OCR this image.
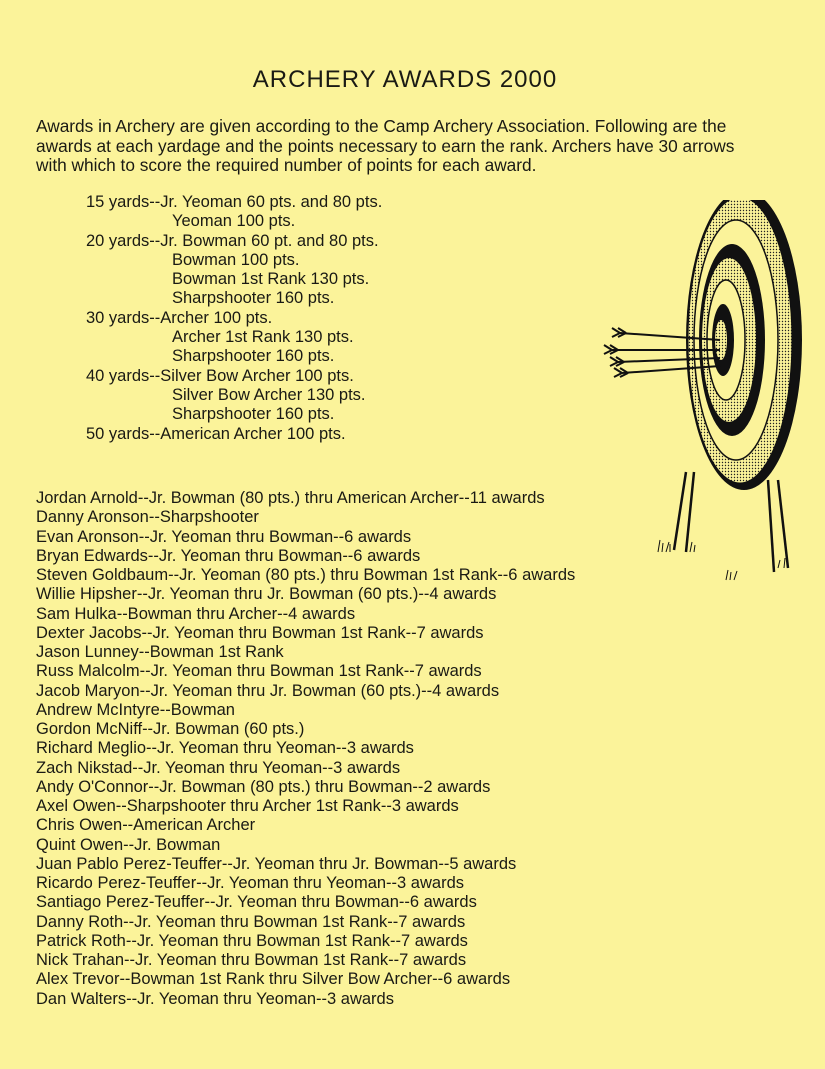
ARCHERY AWARDS 2000

Awards in Archery are given according to the Camp Archery Association. Following are the awards at each yardage and the points necessary to earn the rank. Archers have 30 arrows with which to score the required number of points for each award.

15 yards--Jr. Yeoman 60 pts. and 80 pts.
Yeoman 100 pts.
20 yards--Jr. Bowman 60 pt. and 80 pts.
Bowman 100 pts.
Bowman 1st Rank 130 pts.
Sharpshooter 160 pts.
30 yards--Archer 100 pts.
Archer 1st Rank 130 pts.
Sharpshooter 160 pts.
40 yards--Silver Bow Archer 100 pts.
Silver Bow Archer 130 pts.
Sharpshooter 160 pts.
50 yards--American Archer 100 pts.
Jordan Arnold--Jr. Bowman (80 pts.) thru American Archer--11 awards
Danny Aronson--Sharpshooter
Evan Aronson--Jr. Yeoman thru Bowman--6 awards
Bryan Edwards--Jr. Yeoman thru Bowman--6 awards
Steven Goldbaum--Jr. Yeoman (80 pts.) thru Bowman 1st Rank--6 awards
Willie Hipsher--Jr. Yeoman thru Jr. Bowman (60 pts.)--4 awards
Sam Hulka--Bowman thru Archer--4 awards
Dexter Jacobs--Jr. Yeoman thru Bowman 1st Rank--7 awards
Jason Lunney--Bowman 1st Rank
Russ Malcolm--Jr. Yeoman thru Bowman 1st Rank--7 awards
Jacob Maryon--Jr. Yeoman thru Jr. Bowman (60 pts.)--4 awards
Andrew McIntyre--Bowman
Gordon McNiff--Jr. Bowman (60 pts.)
Richard Meglio--Jr. Yeoman thru Yeoman--3 awards
Zach Nikstad--Jr. Yeoman thru Yeoman--3 awards
Andy O'Connor--Jr. Bowman (80 pts.) thru Bowman--2 awards
Axel Owen--Sharpshooter thru Archer 1st Rank--3 awards
Chris Owen--American Archer
Quint Owen--Jr. Bowman
Juan Pablo Perez-Teuffer--Jr. Yeoman thru Jr. Bowman--5 awards
Ricardo Perez-Teuffer--Jr. Yeoman thru Yeoman--3 awards
Santiago Perez-Teuffer--Jr. Yeoman thru Bowman--6 awards
Danny Roth--Jr. Yeoman thru Bowman 1st Rank--7 awards
Patrick Roth--Jr. Yeoman thru Bowman 1st Rank--7 awards
Nick Trahan--Jr. Yeoman thru Bowman 1st Rank--7 awards
Alex Trevor--Bowman 1st Rank thru Silver Bow Archer--6 awards
Dan Walters--Jr. Yeoman thru Yeoman--3 awards
